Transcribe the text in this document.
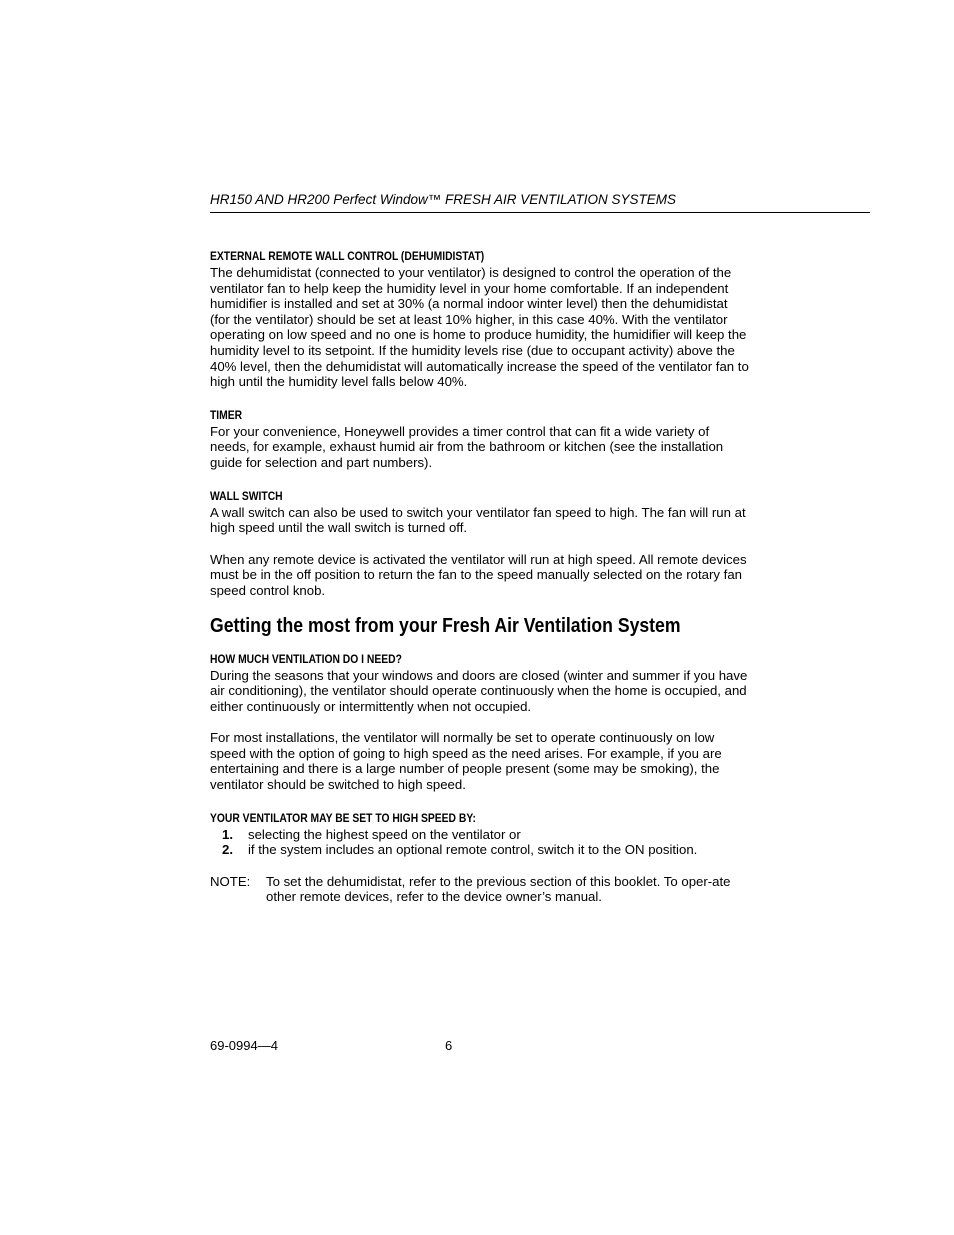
HR150 AND HR200 Perfect Window™ FRESH AIR VENTILATION SYSTEMS
EXTERNAL REMOTE WALL CONTROL (DEHUMIDISTAT)

The dehumidistat (connected to your ventilator) is designed to control the operation of the ventilator fan to help keep the humidity level in your home comfortable. If an independent humidifier is installed and set at 30% (a normal indoor winter level) then the dehumidistat (for the ventilator) should be set at least 10% higher, in this case 40%. With the ventilator operating on low speed and no one is home to produce humidity, the humidifier will keep the humidity level to its setpoint. If the humidity levels rise (due to occupant activity) above the 40% level, then the dehumidistat will automatically increase the speed of the ventilator fan to high until the humidity level falls below 40%.

TIMER

For your convenience, Honeywell provides a timer control that can fit a wide variety of needs, for example, exhaust humid air from the bathroom or kitchen (see the installation guide for selection and part numbers).

WALL SWITCH

A wall switch can also be used to switch your ventilator fan speed to high. The fan will run at high speed until the wall switch is turned off.

When any remote device is activated the ventilator will run at high speed. All remote devices must be in the off position to return the fan to the speed manually selected on the rotary fan speed control knob.

Getting the most from your Fresh Air Ventilation System
HOW MUCH VENTILATION DO I NEED?

During the seasons that your windows and doors are closed (winter and summer if you have air conditioning), the ventilator should operate continuously when the home is occupied, and either continuously or intermittently when not occupied.

For most installations, the ventilator will normally be set to operate continuously on low speed with the option of going to high speed as the need arises. For example, if you are entertaining and there is a large number of people present (some may be smoking), the ventilator should be switched to high speed.

YOUR VENTILATOR MAY BE SET TO HIGH SPEED BY:
1.	selecting the highest speed on the ventilator or
2.	if the system includes an optional remote control, switch it to the ON position.
NOTE:	To set the dehumidistat, refer to the previous section of this booklet. To oper-ate other remote devices, refer to the device owner’s manual.
69-0994—4	6
